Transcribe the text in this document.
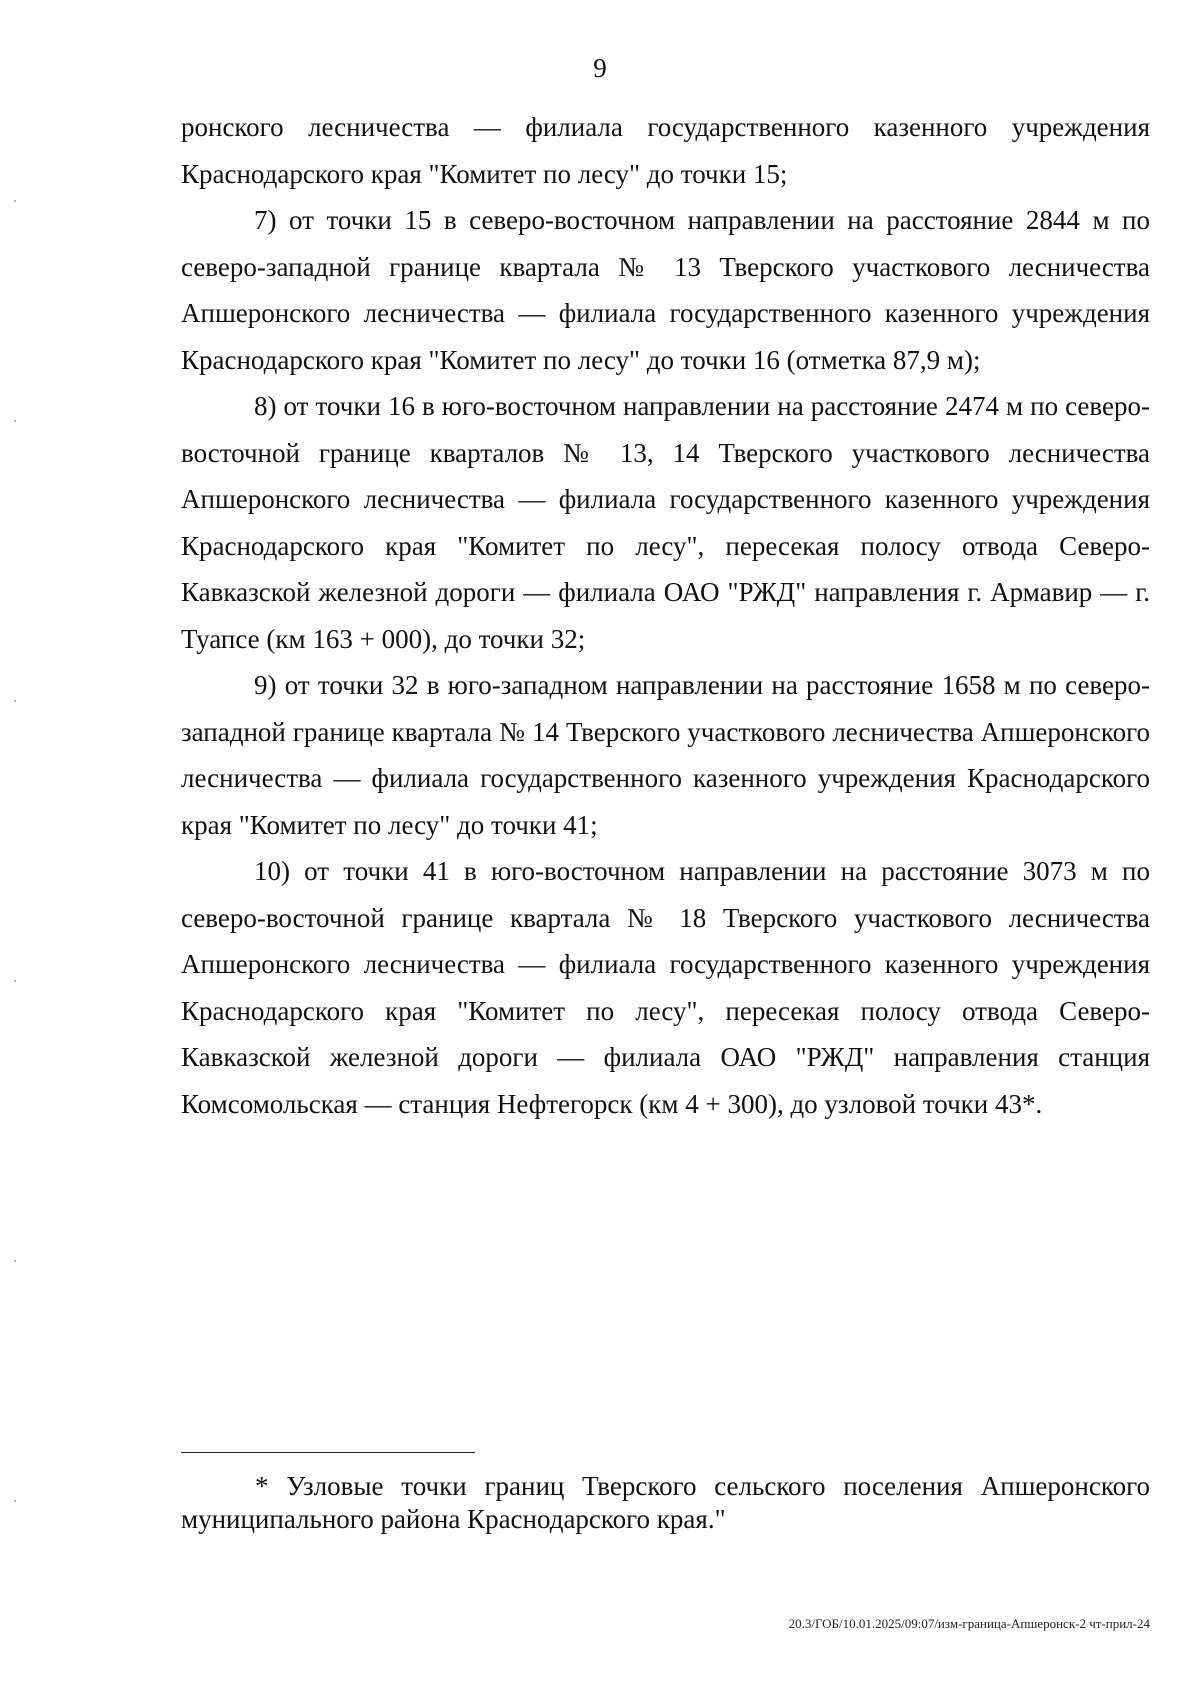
9

ронского лесничества — филиала государственного казенного учреждения Краснодарского края "Комитет по лесу" до точки 15;

7) от точки 15 в северо-восточном направлении на расстояние 2844 м по северо-западной границе квартала № 13 Тверского участкового лесничества Апшеронского лесничества — филиала государственного казенного учреждения Краснодарского края "Комитет по лесу" до точки 16 (отметка 87,9 м);

8) от точки 16 в юго-восточном направлении на расстояние 2474 м по северо-восточной границе кварталов № 13, 14 Тверского участкового лесничества Апшеронского лесничества — филиала государственного казенного учреждения Краснодарского края "Комитет по лесу", пересекая полосу отвода Северо-Кавказской железной дороги — филиала ОАО "РЖД" направления г. Армавир — г. Туапсе (км 163 + 000), до точки 32;

9) от точки 32 в юго-западном направлении на расстояние 1658 м по северо-западной границе квартала № 14 Тверского участкового лесничества Апшеронского лесничества — филиала государственного казенного учреждения Краснодарского края "Комитет по лесу" до точки 41;

10) от точки 41 в юго-восточном направлении на расстояние 3073 м по северо-восточной границе квартала № 18 Тверского участкового лесничества Апшеронского лесничества — филиала государственного казенного учреждения Краснодарского края "Комитет по лесу", пересекая полосу отвода Северо-Кавказской железной дороги — филиала ОАО "РЖД" направления станция Комсомольская — станция Нефтегорск (км 4 + 300), до узловой точки 43*.

* Узловые точки границ Тверского сельского поселения Апшеронского муниципального района Краснодарского края."
20.3/ГОБ/10.01.2025/09:07/изм-граница-Апшеронск-2 чт-прил-24
